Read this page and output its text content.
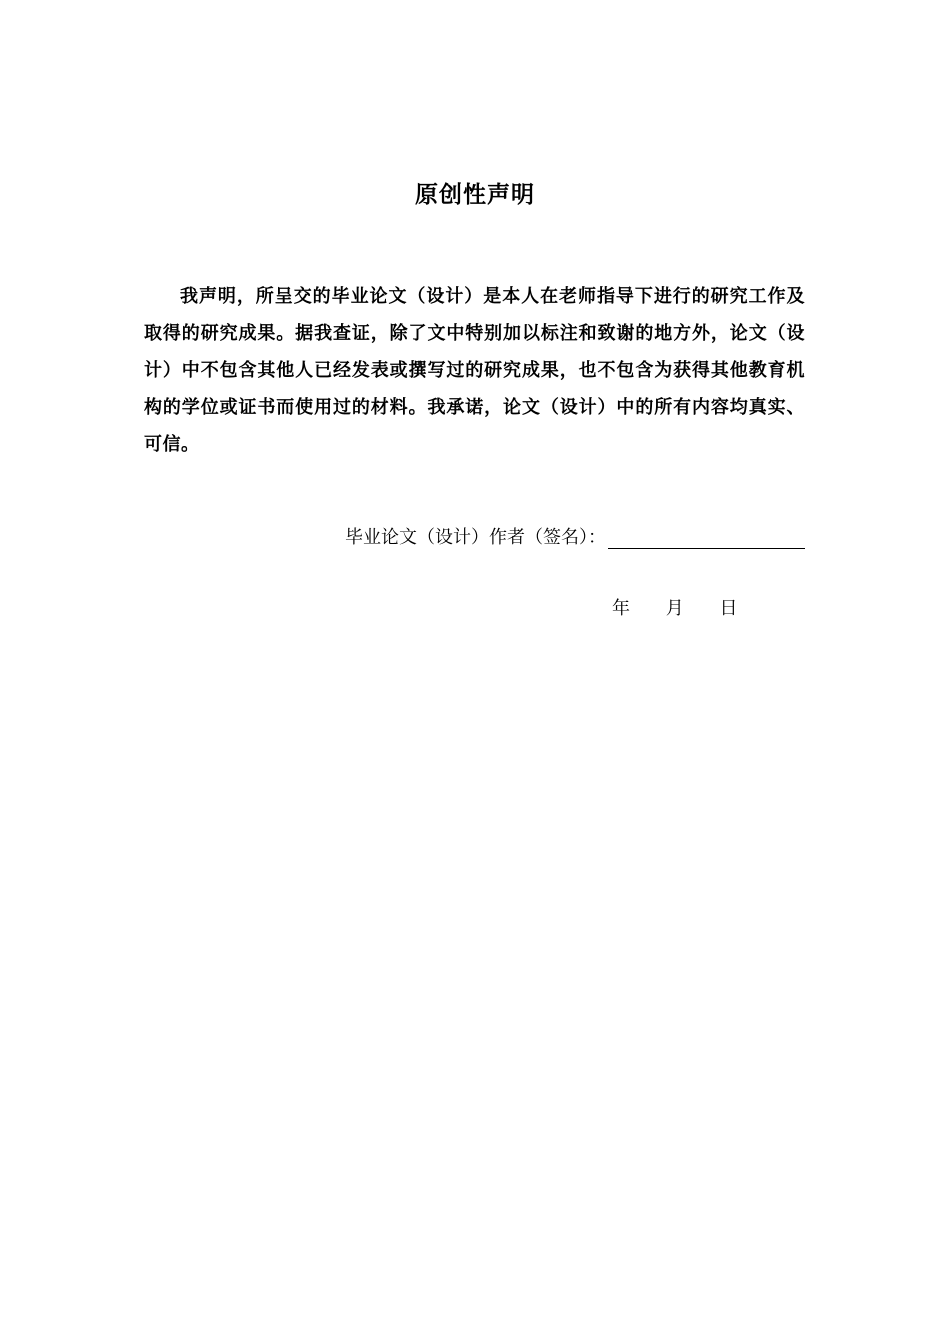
原创性声明

我声明，所呈交的毕业论文（设计）是本人在老师指导下进行的研究工作及取得的研究成果。据我查证，除了文中特别加以标注和致谢的地方外，论文（设计）中不包含其他人已经发表或撰写过的研究成果，也不包含为获得其他教育机构的学位或证书而使用过的材料。我承诺，论文（设计）中的所有内容均真实、可信。

毕业论文（设计）作者（签名）：
年 月 日
